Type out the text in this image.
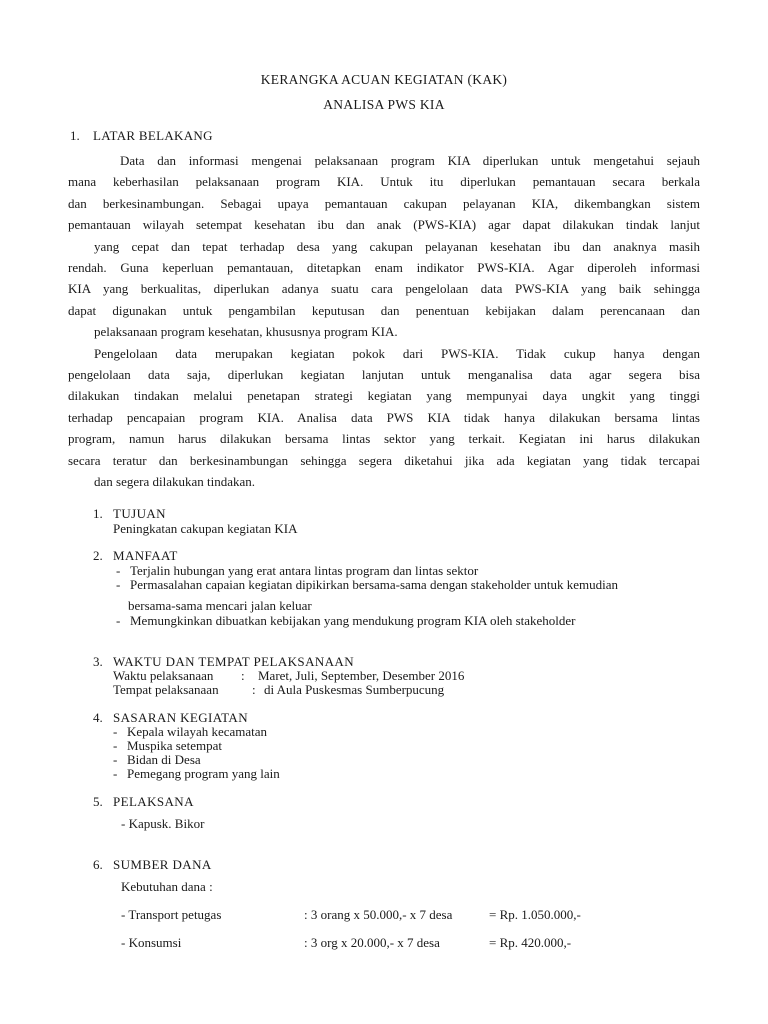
KERANGKA ACUAN KEGIATAN (KAK)
ANALISA PWS KIA
1. LATAR BELAKANG

Data dan informasi mengenai pelaksanaan program KIA diperlukan untuk mengetahui sejauh
mana keberhasilan pelaksanaan program KIA. Untuk itu diperlukan pemantauan secara berkala
dan berkesinambungan. Sebagai upaya pemantauan cakupan pelayanan KIA, dikembangkan sistem
pemantauan wilayah setempat kesehatan ibu dan anak (PWS-KIA) agar dapat dilakukan tindak lanjut
yang cepat dan tepat terhadap desa yang cakupan pelayanan kesehatan ibu dan anaknya masih
rendah. Guna keperluan pemantauan, ditetapkan enam indikator PWS-KIA. Agar diperoleh informasi
KIA yang berkualitas, diperlukan adanya suatu cara pengelolaan data PWS-KIA yang baik sehingga
dapat digunakan untuk pengambilan keputusan dan penentuan kebijakan dalam perencanaan dan
pelaksanaan program kesehatan, khususnya program KIA.

Pengelolaan data merupakan kegiatan pokok dari PWS-KIA. Tidak cukup hanya dengan
pengelolaan data saja, diperlukan kegiatan lanjutan untuk menganalisa data agar segera bisa
dilakukan tindakan melalui penetapan strategi kegiatan yang mempunyai daya ungkit yang tinggi
terhadap pencapaian program KIA. Analisa data PWS KIA tidak hanya dilakukan bersama lintas
program, namun harus dilakukan bersama lintas sektor yang terkait. Kegiatan ini harus dilakukan
secara teratur dan berkesinambungan sehingga segera diketahui jika ada kegiatan yang tidak tercapai
dan segera dilakukan tindakan.

1. TUJUAN
Peningkatan cakupan kegiatan KIA
2. MANFAAT
- Terjalin hubungan yang erat antara lintas program dan lintas sektor
- Permasalahan capaian kegiatan dipikirkan bersama-sama dengan stakeholder untuk kemudian
bersama-sama mencari jalan keluar
- Memungkinkan dibuatkan kebijakan yang mendukung program KIA oleh stakeholder
3. WAKTU DAN TEMPAT PELAKSANAAN
Waktu pelaksanaan : Maret, Juli, September, Desember 2016
Tempat pelaksanaan	: di Aula Puskesmas Sumberpucung
4. SASARAN KEGIATAN
- Kepala wilayah kecamatan
- Muspika setempat
- Bidan di Desa
- Pemegang program yang lain
5. PELAKSANA
- Kapusk. Bikor
6. SUMBER DANA
Kebutuhan dana :
- Transport petugas	: 3 orang x 50.000,- x 7 desa	= Rp. 1.050.000,-
- Konsumsi	: 3 org x 20.000,- x 7 desa	= Rp. 420.000,-
